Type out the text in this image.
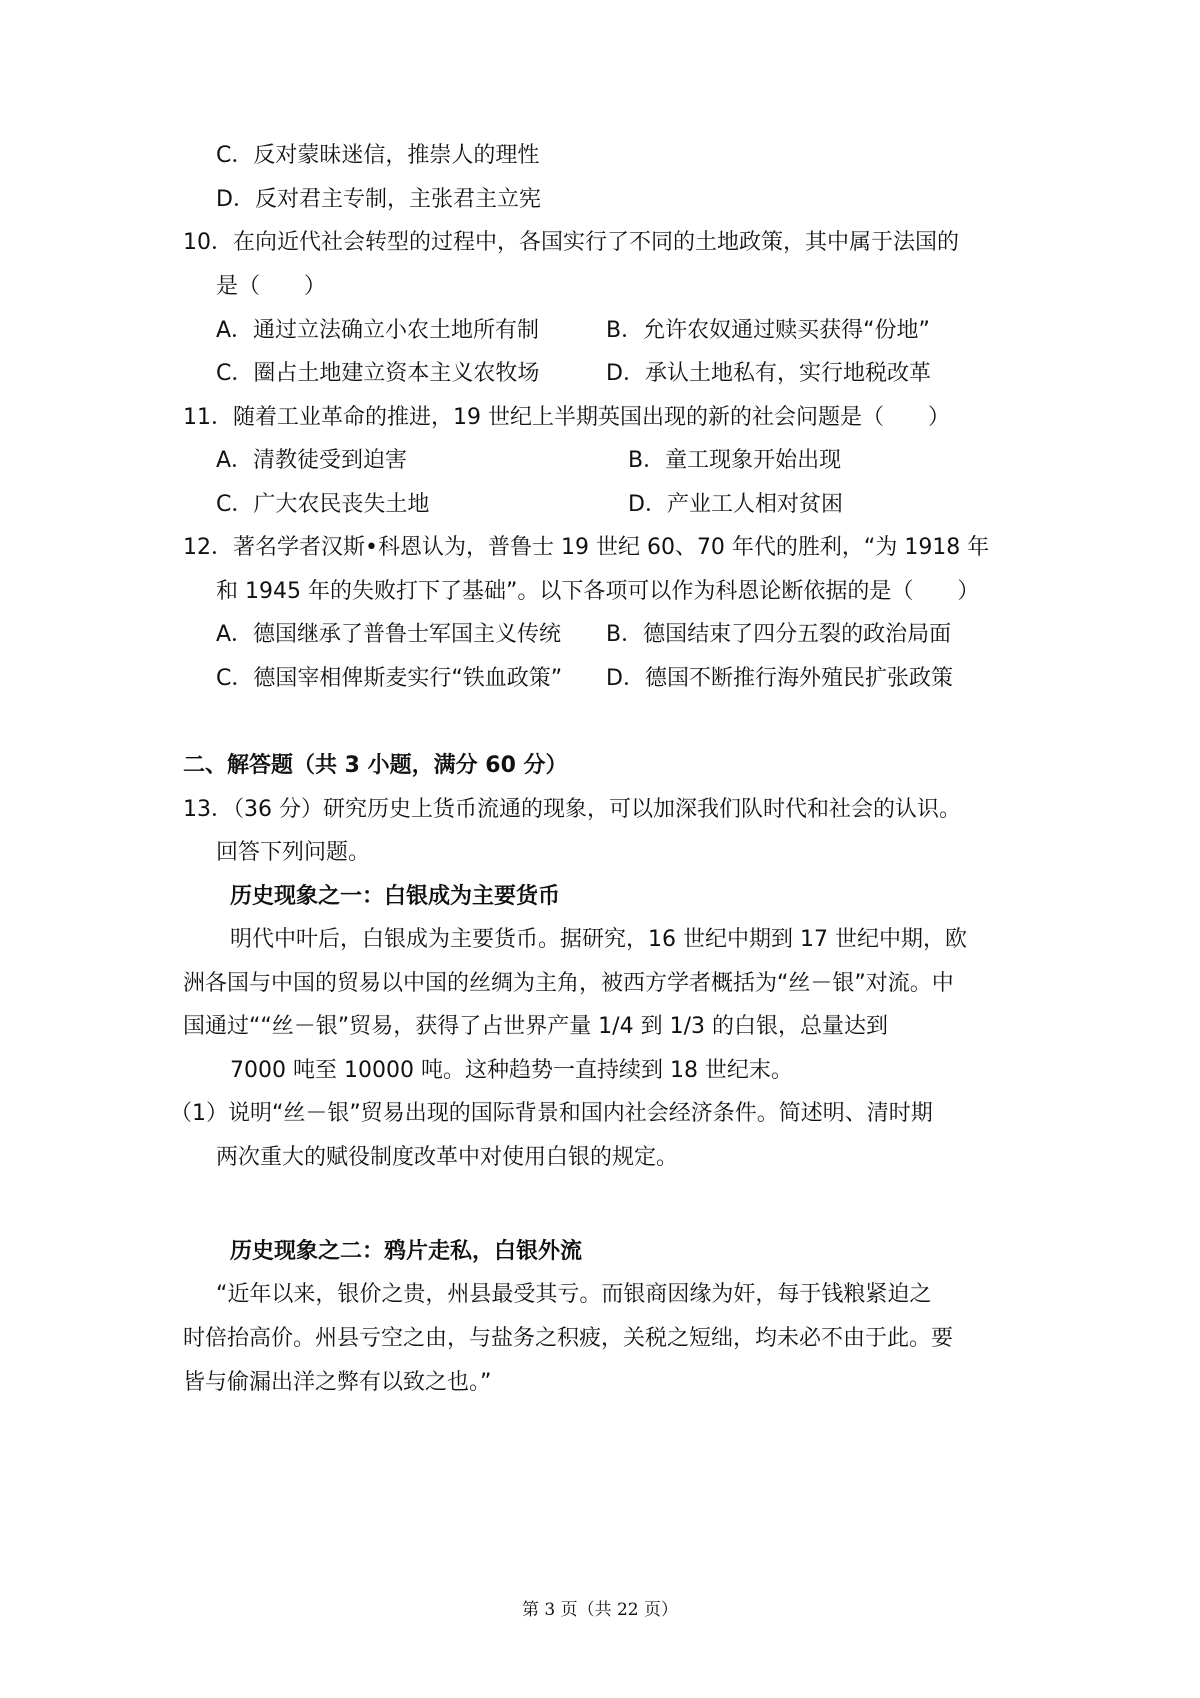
C．反对蒙昧迷信，推崇人的理性
D．反对君主专制，主张君主立宪
10．在向近代社会转型的过程中，各国实行了不同的土地政策，其中属于法国的
是（　　）
A．通过立法确立小农土地所有制	B．允许农奴通过赎买获得“份地”
C．圈占土地建立资本主义农牧场	D．承认土地私有，实行地税改革
11．随着工业革命的推进，19 世纪上半期英国出现的新的社会问题是（　　）
A．清教徒受到迫害	B．童工现象开始出现
C．广大农民丧失土地	D．产业工人相对贫困
12．著名学者汉斯•科恩认为，普鲁士 19 世纪 60、70 年代的胜利，“为 1918 年
和 1945 年的失败打下了基础”。以下各项可以作为科恩论断依据的是（　　）
A．德国继承了普鲁士军国主义传统 B．德国结束了四分五裂的政治局面
C．德国宰相俾斯麦实行“铁血政策” D．德国不断推行海外殖民扩张政策
二、解答题（共 3 小题，满分 60 分）
13．（36 分）研究历史上货币流通的现象，可以加深我们队时代和社会的认识。
回答下列问题。
历史现象之一：白银成为主要货币
明代中叶后，白银成为主要货币。据研究，16 世纪中期到 17 世纪中期，欧
洲各国与中国的贸易以中国的丝绸为主角，被西方学者概括为“丝－银”对流。中
国通过““丝－银”贸易，获得了占世界产量 1/4 到 1/3 的白银，总量达到
7000 吨至 10000 吨。这种趋势一直持续到 18 世纪末。
（1）说明“丝－银”贸易出现的国际背景和国内社会经济条件。简述明、清时期
两次重大的赋役制度改革中对使用白银的规定。
历史现象之二：鸦片走私，白银外流
“近年以来，银价之贵，州县最受其亏。而银商因缘为奸，每于钱粮紧迫之
时倍抬高价。州县亏空之由，与盐务之积疲，关税之短绌，均未必不由于此。要
皆与偷漏出洋之弊有以致之也。”
第 3 页（共 22 页）
